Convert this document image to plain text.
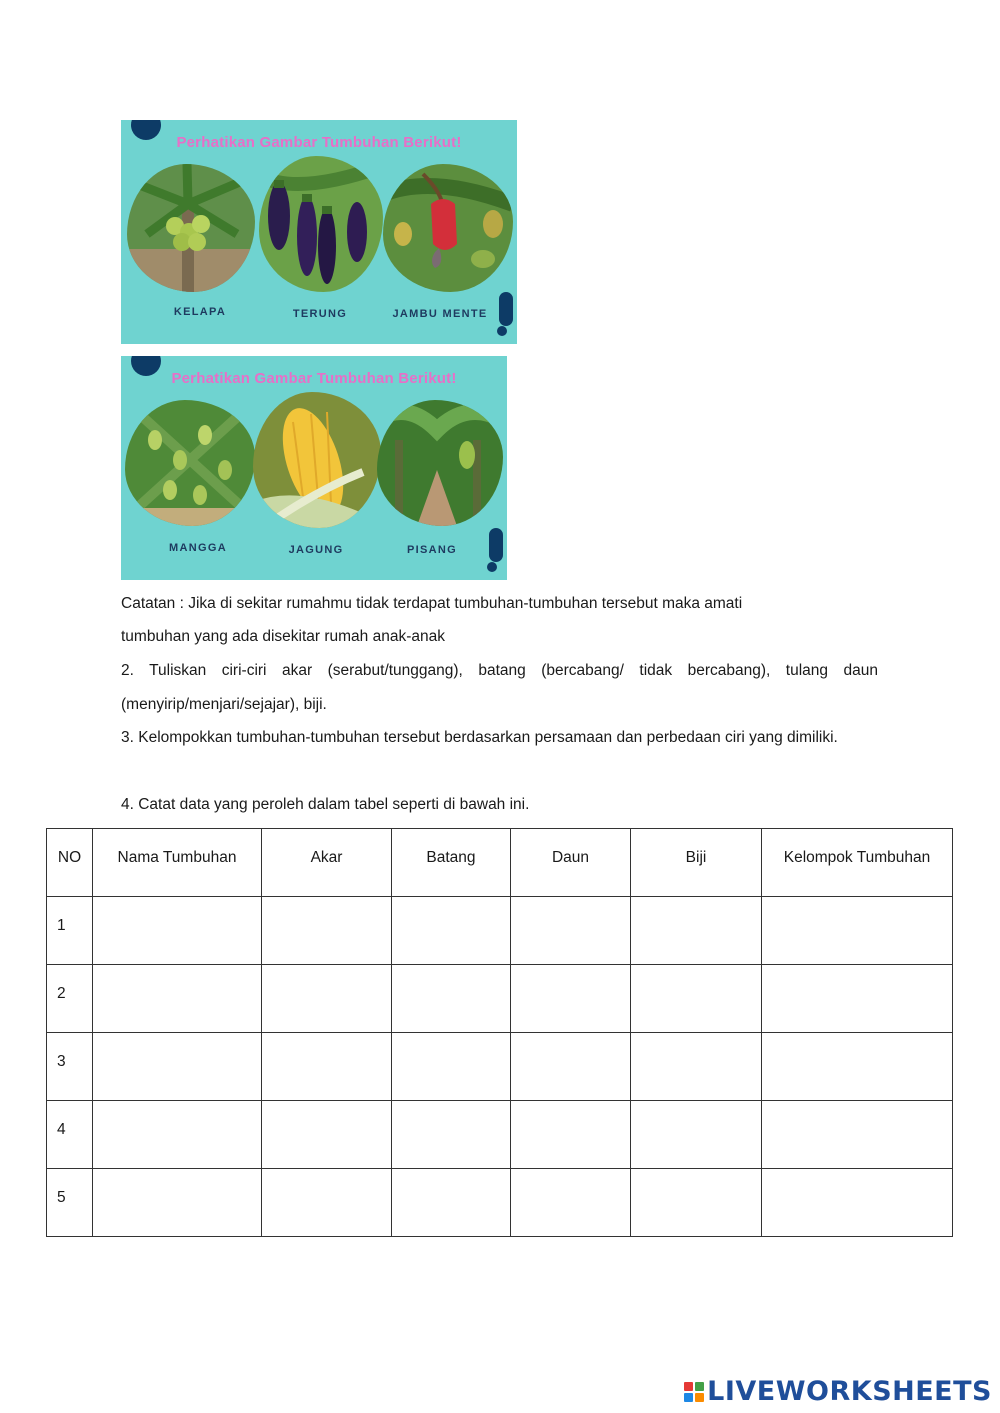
Perhatikan Gambar Tumbuhan Berikut!
KELAPA	TERUNG	JAMBU MENTE
Perhatikan Gambar Tumbuhan Berikut!
MANGGA	JAGUNG	PISANG
Catatan : Jika di sekitar rumahmu tidak terdapat tumbuhan-tumbuhan tersebut maka amati
tumbuhan yang ada disekitar rumah anak-anak
2. Tuliskan ciri-ciri akar (serabut/tunggang), batang (bercabang/ tidak bercabang), tulang daun (menyirip/menjari/sejajar), biji.
3. Kelompokkan tumbuhan-tumbuhan tersebut berdasarkan persamaan dan perbedaan ciri yang dimiliki.
4. Catat data yang peroleh dalam tabel seperti di bawah ini.
NO	Nama Tumbuhan	Akar	Batang	Daun	Biji	Kelompok Tumbuhan
1						
2						
3						
4						
5						
LIVEWORKSHEETS
